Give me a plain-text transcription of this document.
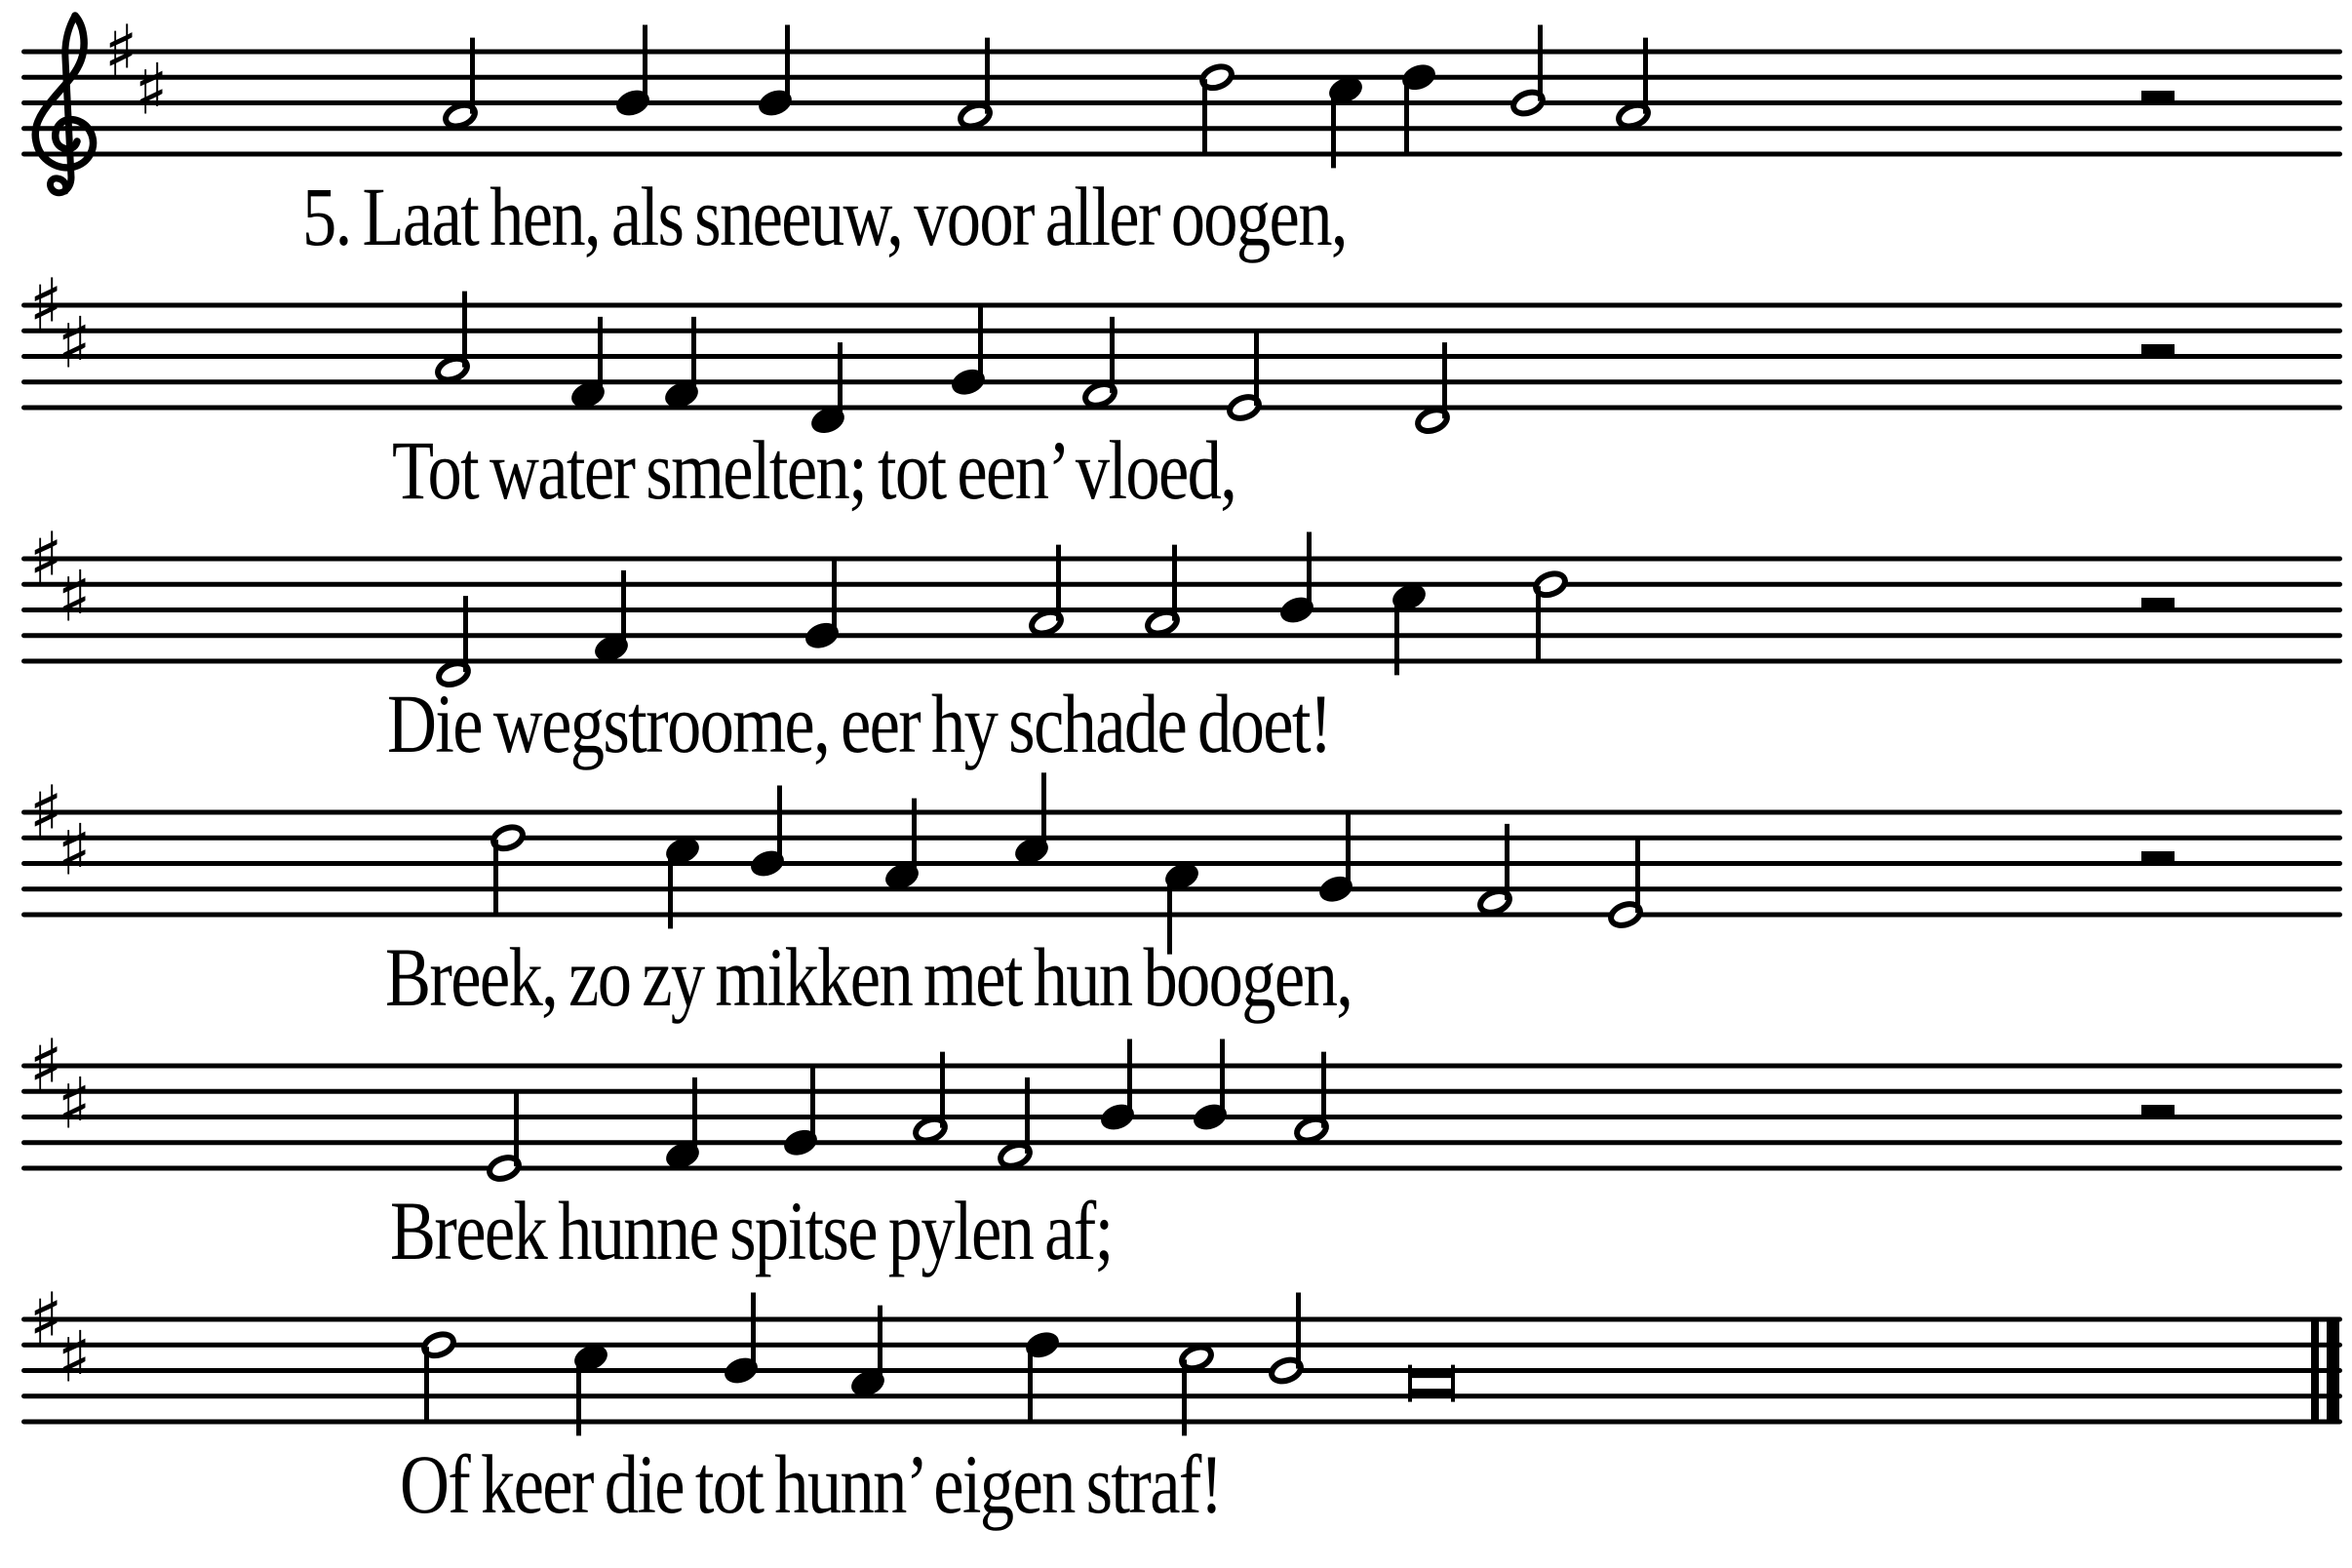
♯
♯
♯
♯
♯
♯
♯
♯
♯
♯
♯
♯
5. Laat hen, als sneeuw, voor aller oogen,
Tot water smelten; tot een’ vloed,
Die wegstroome, eer hy schade doet!
Breek, zo zy mikken met hun boogen,
Breek hunne spitse pylen af;
Of keer die tot hunn’ eigen straf!
